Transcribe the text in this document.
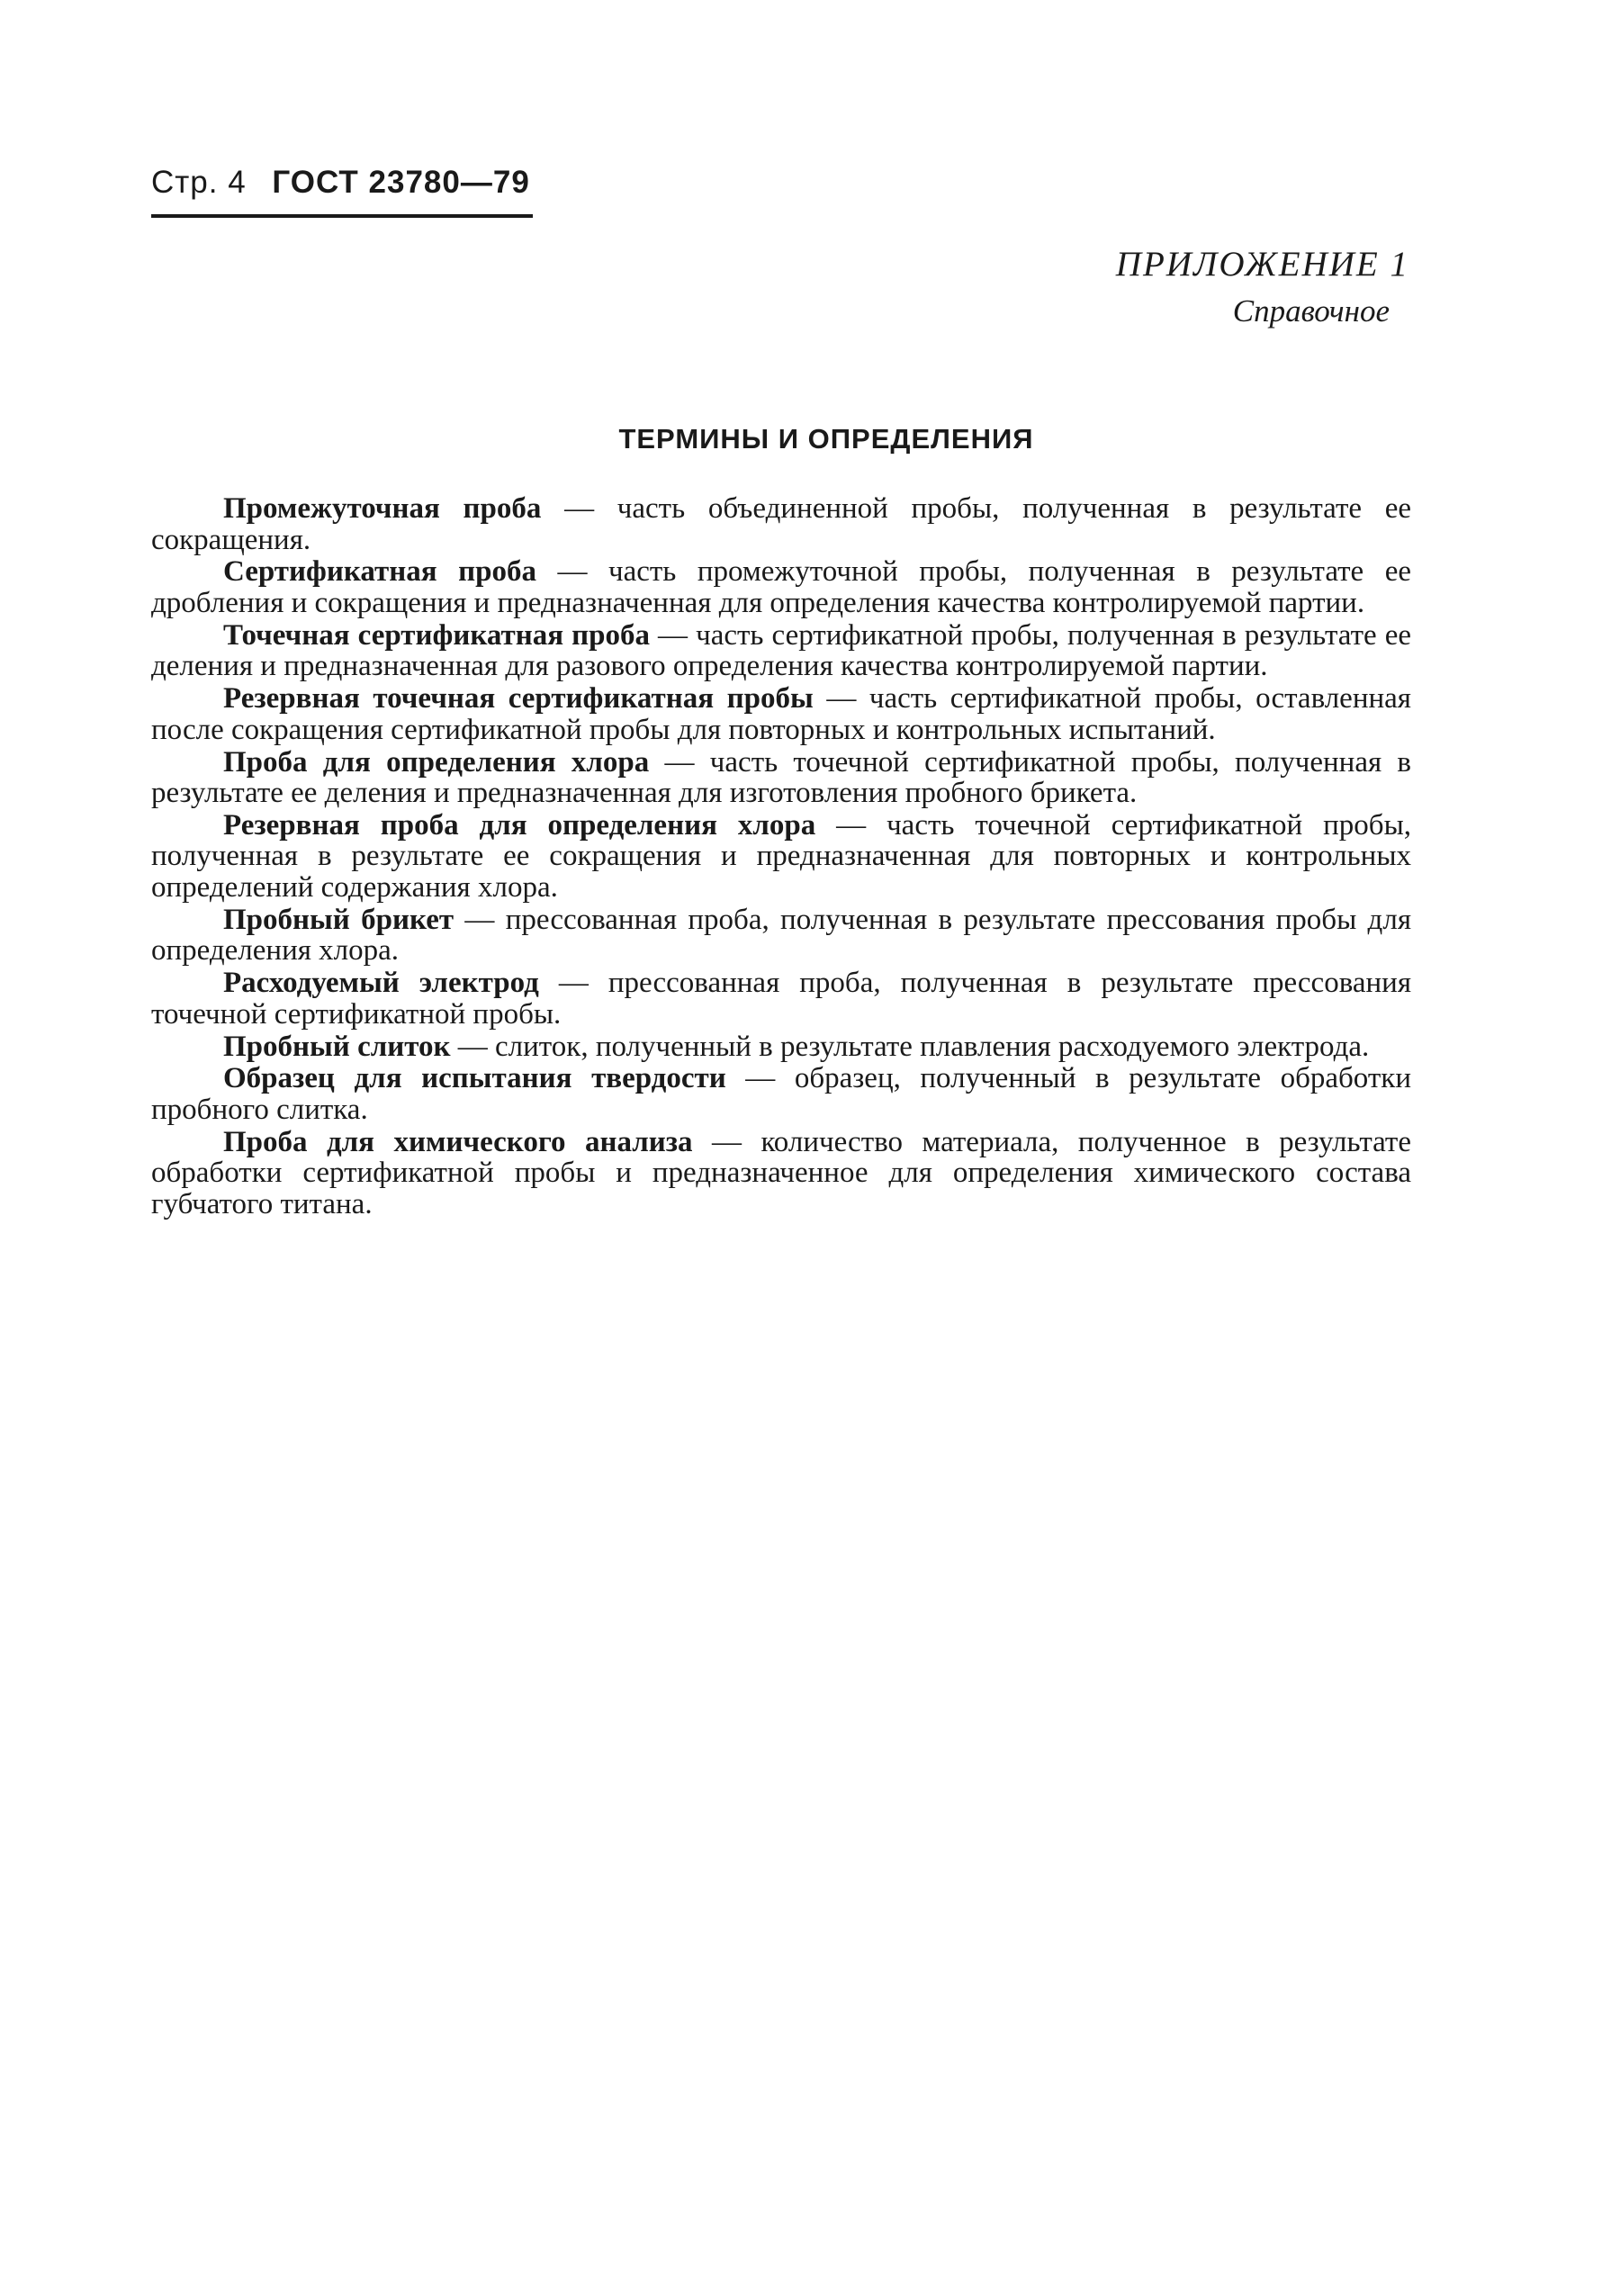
Стр. 4 ГОСТ 23780—79
ПРИЛОЖЕНИЕ 1
Справочное
ТЕРМИНЫ И ОПРЕДЕЛЕНИЯ

Промежуточная проба — часть объединенной пробы, полученная в результате ее сокращения.

Сертификатная проба — часть промежуточной пробы, полученная в результате ее дробления и сокращения и предназначенная для определения качества контролируемой партии.

Точечная сертификатная проба — часть сертификатной пробы, полученная в результате ее деления и предназначенная для разового определения качества контролируемой партии.

Резервная точечная сертификатная пробы — часть сертификатной пробы, оставленная после сокращения сертификатной пробы для повторных и контрольных испытаний.

Проба для определения хлора — часть точечной сертификатной пробы, полученная в результате ее деления и предназначенная для изготовления пробного брикета.

Резервная проба для определения хлора — часть точечной сертификатной пробы, полученная в результате ее сокращения и предназначенная для повторных и контрольных определений содержания хлора.

Пробный брикет — прессованная проба, полученная в результате прессования пробы для определения хлора.

Расходуемый электрод — прессованная проба, полученная в результате прессования точечной сертификатной пробы.

Пробный слиток — слиток, полученный в результате плавления расходуемого электрода.

Образец для испытания твердости — образец, полученный в результате обработки пробного слитка.

Проба для химического анализа — количество материала, полученное в результате обработки сертификатной пробы и предназначенное для определения химического состава губчатого титана.
